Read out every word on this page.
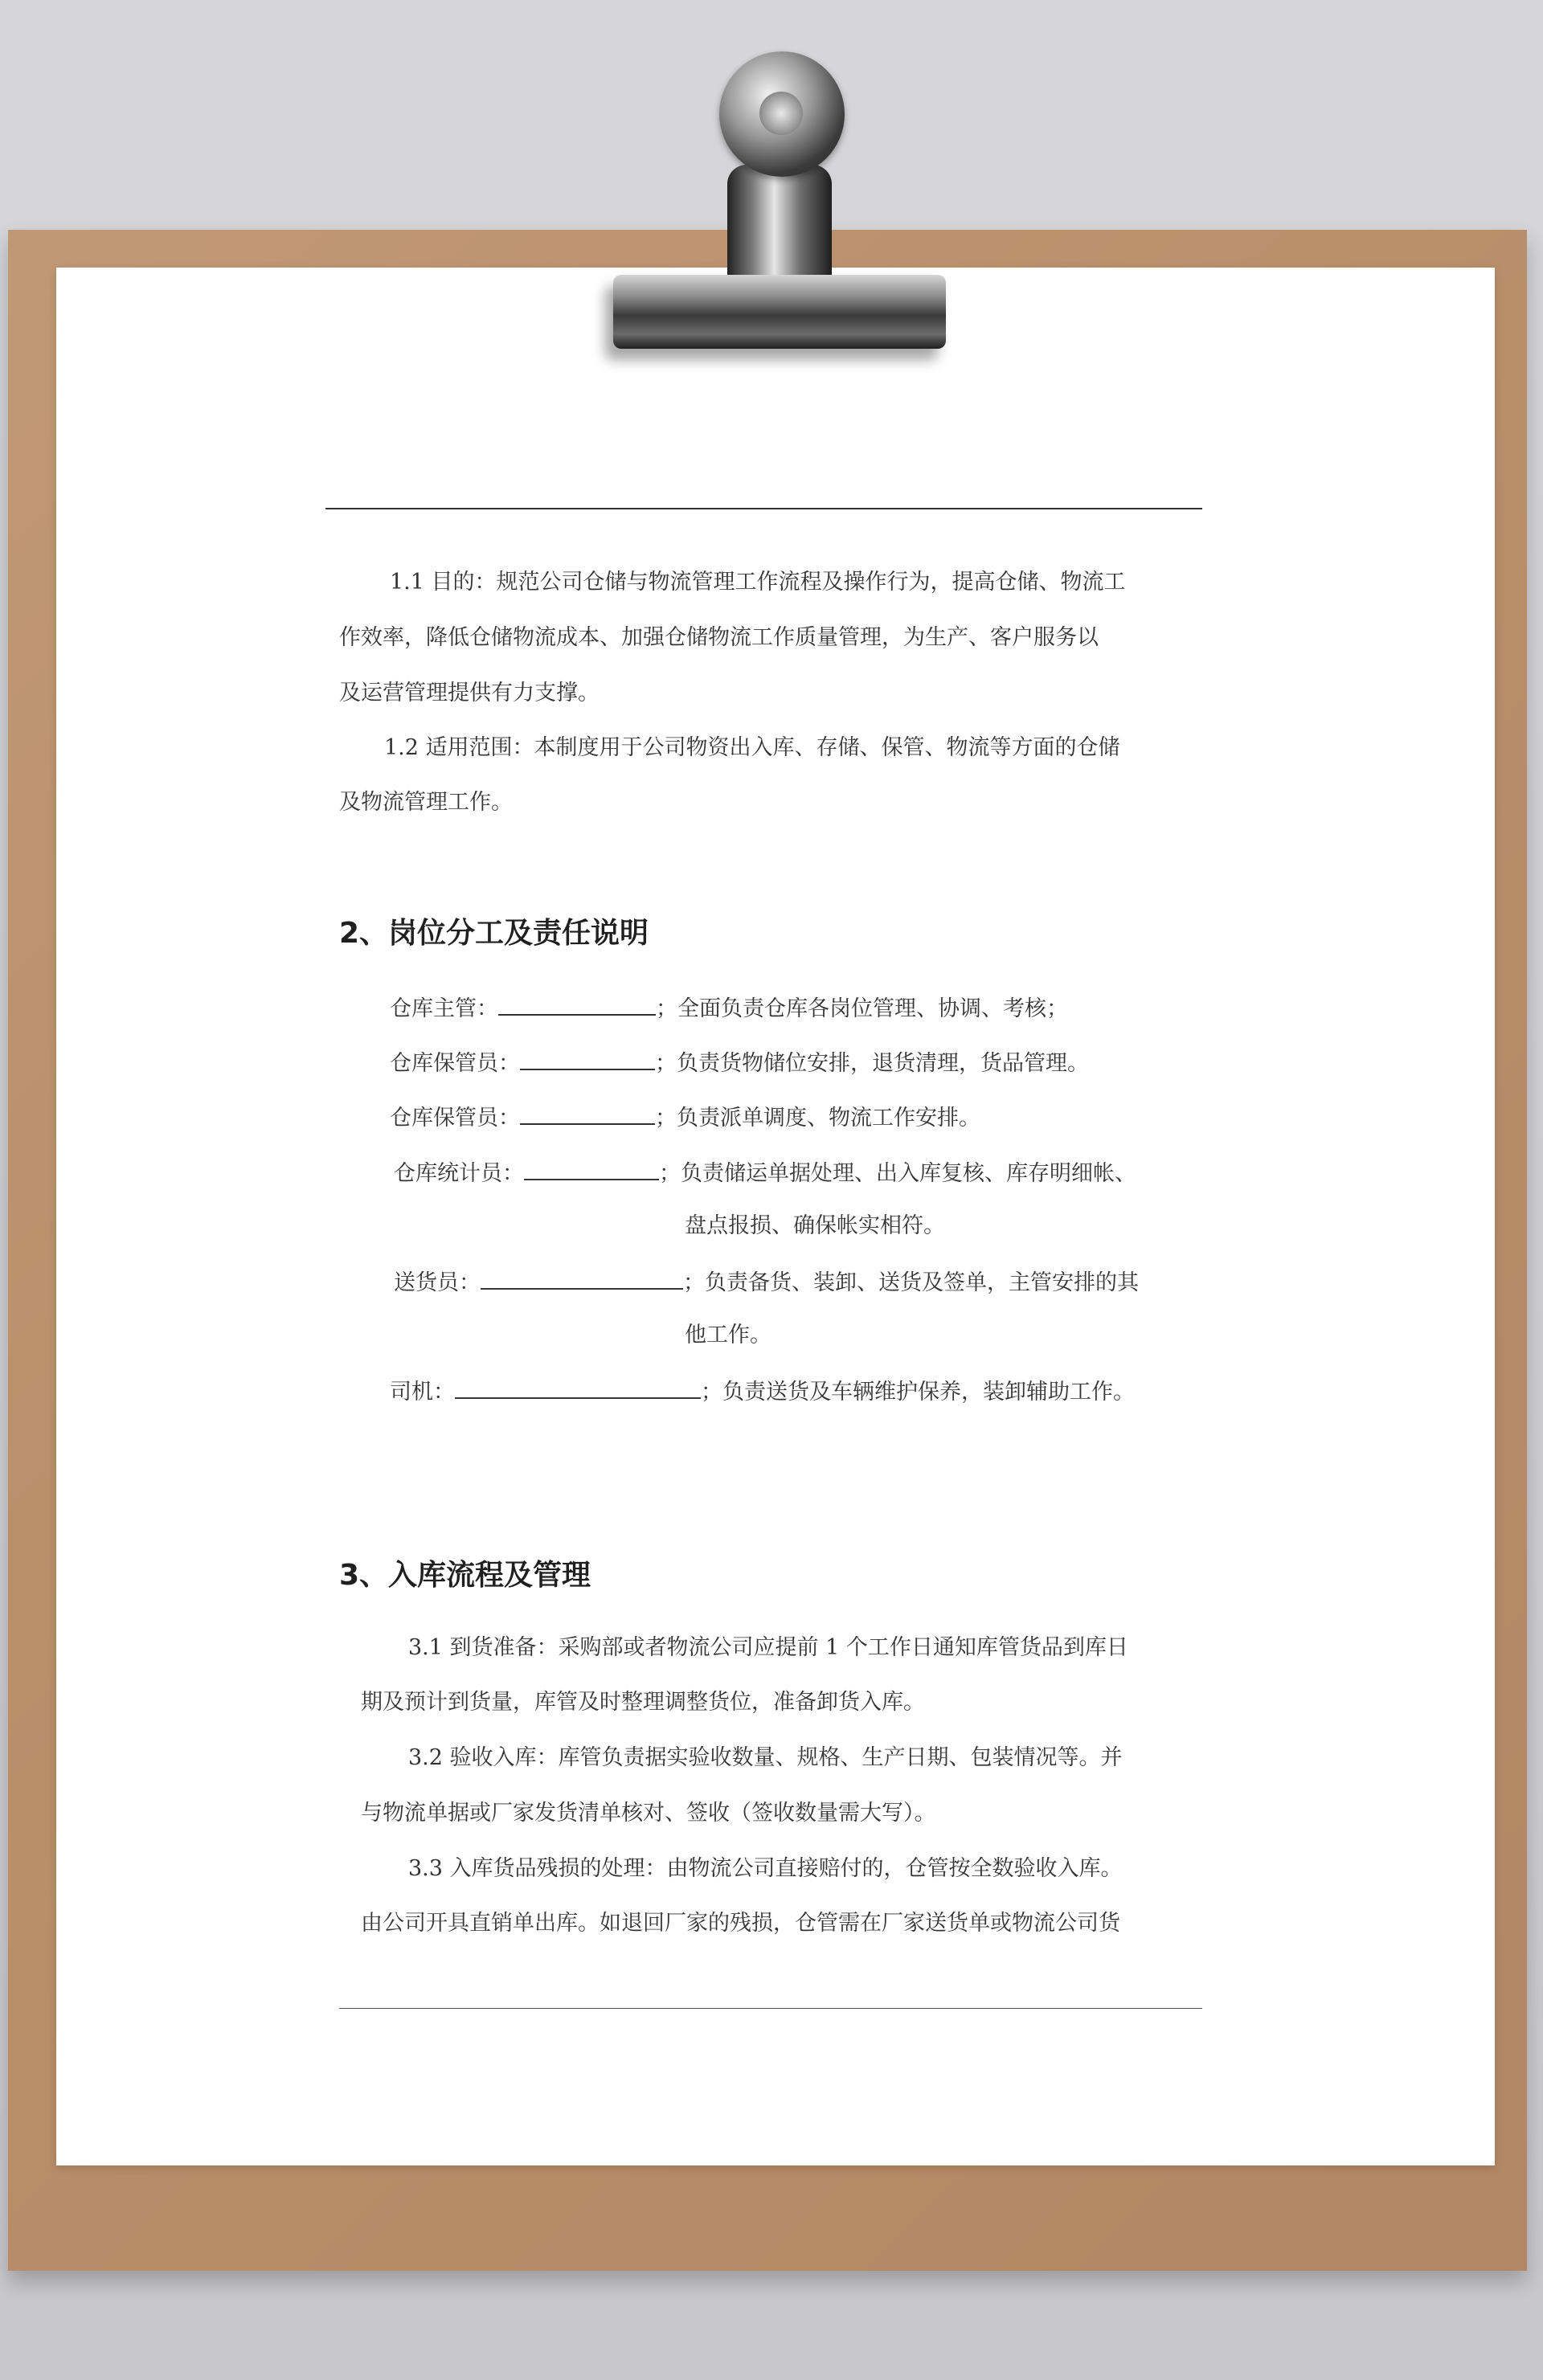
1.1 目的：规范公司仓储与物流管理工作流程及操作行为，提高仓储、物流工
作效率，降低仓储物流成本、加强仓储物流工作质量管理，为生产、客户服务以
及运营管理提供有力支撑。
1.2 适用范围：本制度用于公司物资出入库、存储、保管、物流等方面的仓储
及物流管理工作。
2、岗位分工及责任说明
仓库主管：	；全面负责仓库各岗位管理、协调、考核；
仓库保管员：	；负责货物储位安排，退货清理，货品管理。
仓库保管员：	；负责派单调度、物流工作安排。
仓库统计员：	；负责储运单据处理、出入库复核、库存明细帐、
盘点报损、确保帐实相符。
送货员：	；负责备货、装卸、送货及签单，主管安排的其
他工作。
司机：	；负责送货及车辆维护保养，装卸辅助工作。
3、入库流程及管理
3.1 到货准备：采购部或者物流公司应提前 1 个工作日通知库管货品到库日
期及预计到货量，库管及时整理调整货位，准备卸货入库。
3.2 验收入库：库管负责据实验收数量、规格、生产日期、包装情况等。并
与物流单据或厂家发货清单核对、签收（签收数量需大写）。
3.3 入库货品残损的处理：由物流公司直接赔付的，仓管按全数验收入库。
由公司开具直销单出库。如退回厂家的残损，仓管需在厂家送货单或物流公司货
